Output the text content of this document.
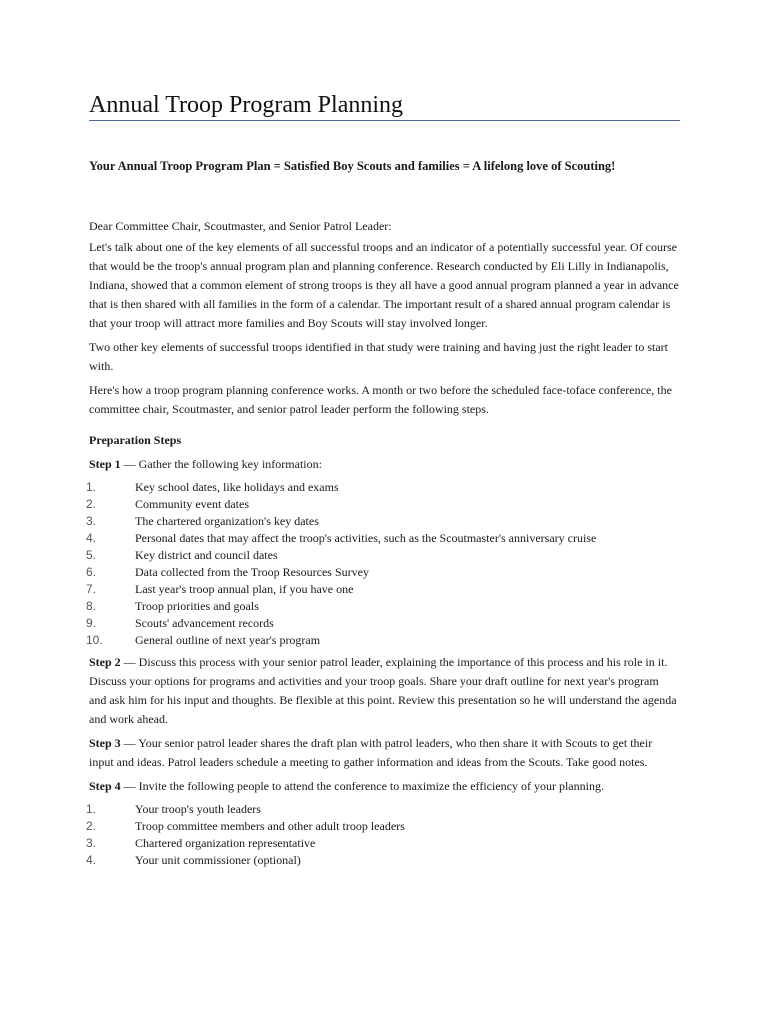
Annual Troop Program Planning
Your Annual Troop Program Plan = Satisfied Boy Scouts and families = A lifelong love of Scouting!

Dear Committee Chair, Scoutmaster, and Senior Patrol Leader:

Let's talk about one of the key elements of all successful troops and an indicator of a potentially successful year. Of course that would be the troop's annual program plan and planning conference. Research conducted by Eli Lilly in Indianapolis, Indiana, showed that a common element of strong troops is they all have a good annual program planned a year in advance that is then shared with all families in the form of a calendar. The important result of a shared annual program calendar is that your troop will attract more families and Boy Scouts will stay involved longer.

Two other key elements of successful troops identified in that study were training and having just the right leader to start with.

Here's how a troop program planning conference works. A month or two before the scheduled face-toface conference, the committee chair, Scoutmaster, and senior patrol leader perform the following steps.

Preparation Steps

Step 1 — Gather the following key information:

1.	Key school dates, like holidays and exams
2.	Community event dates
3.	The chartered organization's key dates
4.	Personal dates that may affect the troop's activities, such as the Scoutmaster's anniversary cruise
5.	Key district and council dates
6.	Data collected from the Troop Resources Survey
7.	Last year's troop annual plan, if you have one
8.	Troop priorities and goals
9.	Scouts' advancement records
10.	General outline of next year's program

Step 2 — Discuss this process with your senior patrol leader, explaining the importance of this process and his role in it. Discuss your options for programs and activities and your troop goals. Share your draft outline for next year's program and ask him for his input and thoughts. Be flexible at this point. Review this presentation so he will understand the agenda and work ahead.

Step 3 — Your senior patrol leader shares the draft plan with patrol leaders, who then share it with Scouts to get their input and ideas. Patrol leaders schedule a meeting to gather information and ideas from the Scouts. Take good notes.

Step 4 — Invite the following people to attend the conference to maximize the efficiency of your planning.

1.	Your troop's youth leaders
2.	Troop committee members and other adult troop leaders
3.	Chartered organization representative
4.	Your unit commissioner (optional)
